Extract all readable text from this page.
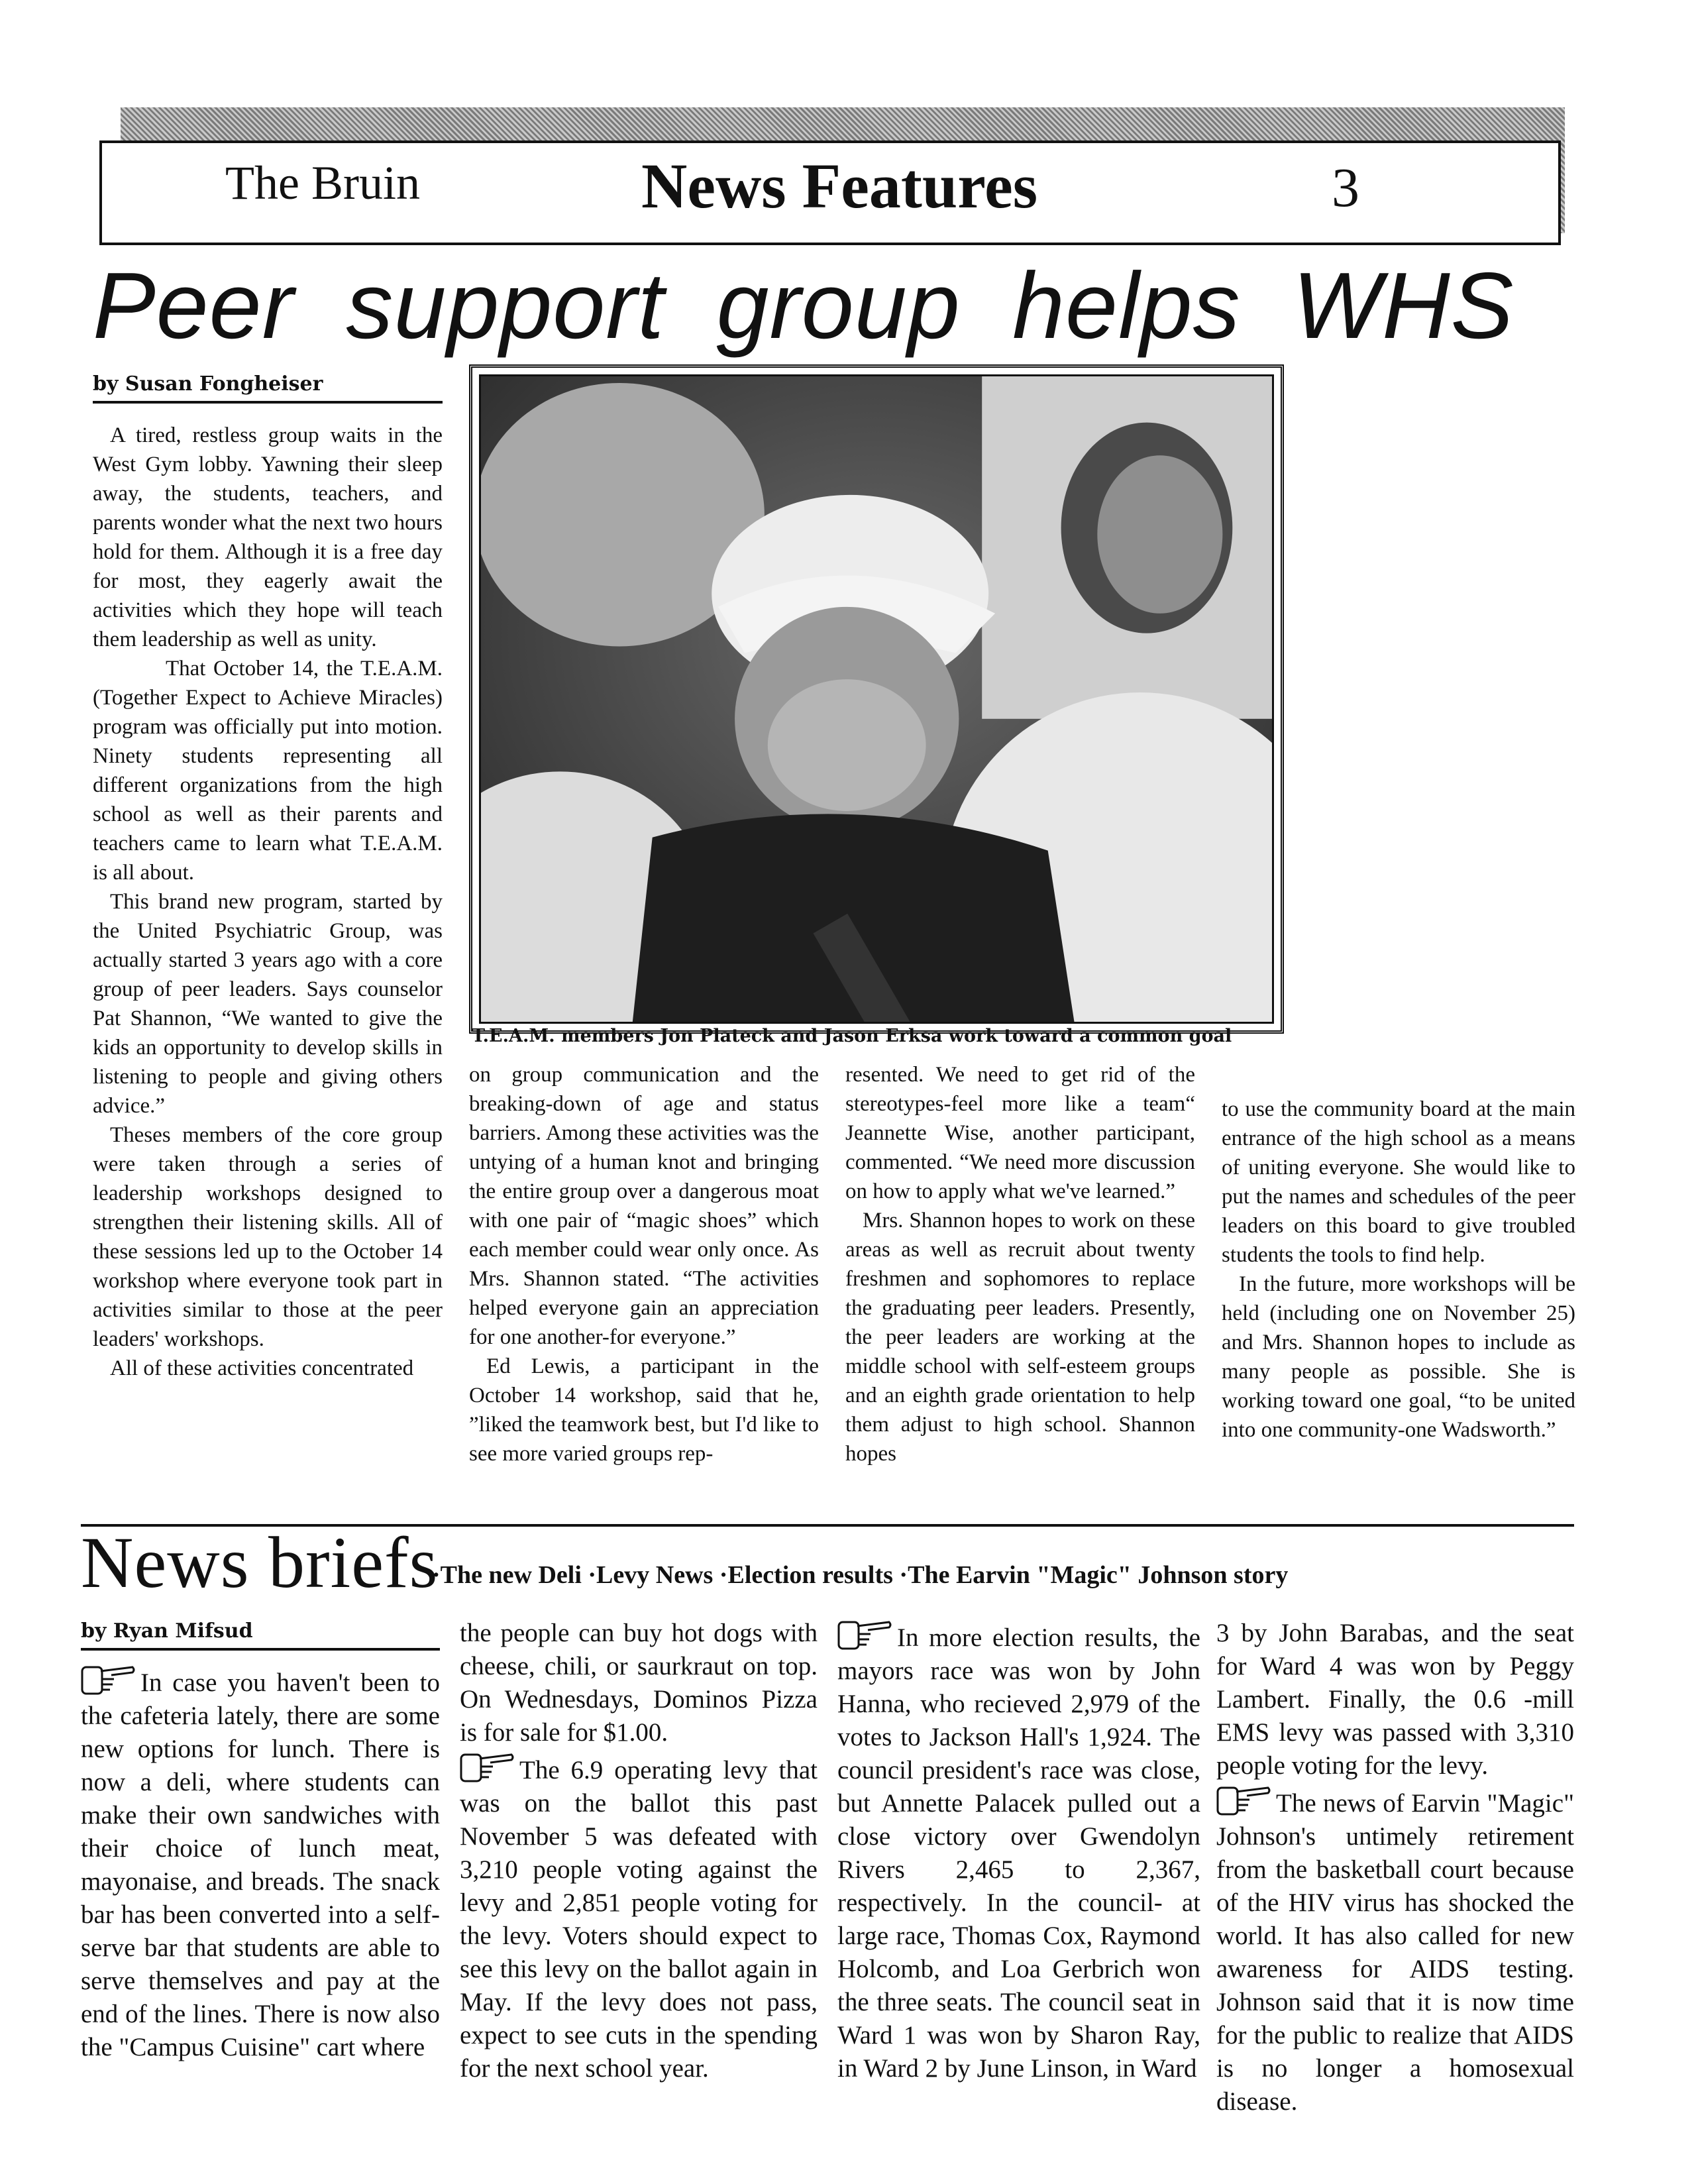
The Bruin	News Features	3
Peer support group helps WHS
by Susan Fongheiser

A tired, restless group waits in the West Gym lobby. Yawning their sleep away, the students, teachers, and parents wonder what the next two hours hold for them. Although it is a free day for most, they eagerly await the activities which they hope will teach them leadership as well as unity.

That October 14, the T.E.A.M.(Together Expect to Achieve Miracles) program was officially put into motion. Ninety students representing all different organizations from the high school as well as their parents and teachers came to learn what T.E.A.M. is all about.

This brand new program, started by the United Psychiatric Group, was actually started 3 years ago with a core group of peer leaders. Says counselor Pat Shannon, “We wanted to give the kids an opportunity to develop skills in listening to people and giving others advice.”

Theses members of the core group were taken through a series of leadership workshops designed to strengthen their listening skills. All of these sessions led up to the October 14 workshop where everyone took part in activities similar to those at the peer leaders' workshops.

All of these activities concentrated

T.E.A.M. members Jon Plateck and Jason Erksa work toward a common goal

on group communication and the breaking-down of age and status barriers. Among these activities was the untying of a human knot and bringing the entire group over a dangerous moat with one pair of “magic shoes” which each member could wear only once. As Mrs. Shannon stated. “The activities helped everyone gain an appreciation for one another-for everyone.”

Ed Lewis, a participant in the October 14 workshop, said that he, ”liked the teamwork best, but I'd like to see more varied groups rep-

resented. We need to get rid of the stereotypes-feel more like a team“ Jeannette Wise, another participant, commented. “We need more discussion on how to apply what we've learned.”

Mrs. Shannon hopes to work on these areas as well as recruit about twenty freshmen and sophomores to replace the graduating peer leaders. Presently, the peer leaders are working at the middle school with self-esteem groups and an eighth grade orientation to help them adjust to high school. Shannon hopes

to use the community board at the main entrance of the high school as a means of uniting everyone. She would like to put the names and schedules of the peer leaders on this board to give troubled students the tools to find help.

In the future, more workshops will be held (including one on November 25) and Mrs. Shannon hopes to include as many people as possible. She is working toward one goal, “to be united into one community-one Wadsworth.”

News briefs
·The new Deli ·Levy News ·Election results ·The Earvin "Magic" Johnson story
by Ryan Mifsud

In case you haven't been to the cafeteria lately, there are some new options for lunch. There is now a deli, where students can make their own sandwiches with their choice of lunch meat, mayonaise, and breads. The snack bar has been converted into a self-serve bar that students are able to serve themselves and pay at the end of the lines. There is now also the "Campus Cuisine" cart where

the people can buy hot dogs with cheese, chili, or saurkraut on top. On Wednesdays, Dominos Pizza is for sale for $1.00.

The 6.9 operating levy that was on the ballot this past November 5 was defeated with 3,210 people voting against the levy and 2,851 people voting for the levy. Voters should expect to see this levy on the ballot again in May. If the levy does not pass, expect to see cuts in the spending for the next school year.

In more election results, the mayors race was won by John Hanna, who recieved 2,979 of the votes to Jackson Hall's 1,924. The council president's race was close, but Annette Palacek pulled out a close victory over Gwendolyn Rivers 2,465 to 2,367, respectively. In the council- at large race, Thomas Cox, Raymond Holcomb, and Loa Gerbrich won the three seats. The council seat in Ward 1 was won by Sharon Ray, in Ward 2 by June Linson, in Ward

3 by John Barabas, and the seat for Ward 4 was won by Peggy Lambert. Finally, the 0.6 -mill EMS levy was passed with 3,310 people voting for the levy.

The news of Earvin "Magic" Johnson's untimely retirement from the basketball court because of the HIV virus has shocked the world. It has also called for new awareness for AIDS testing. Johnson said that it is now time for the public to realize that AIDS is no longer a homosexual disease.
